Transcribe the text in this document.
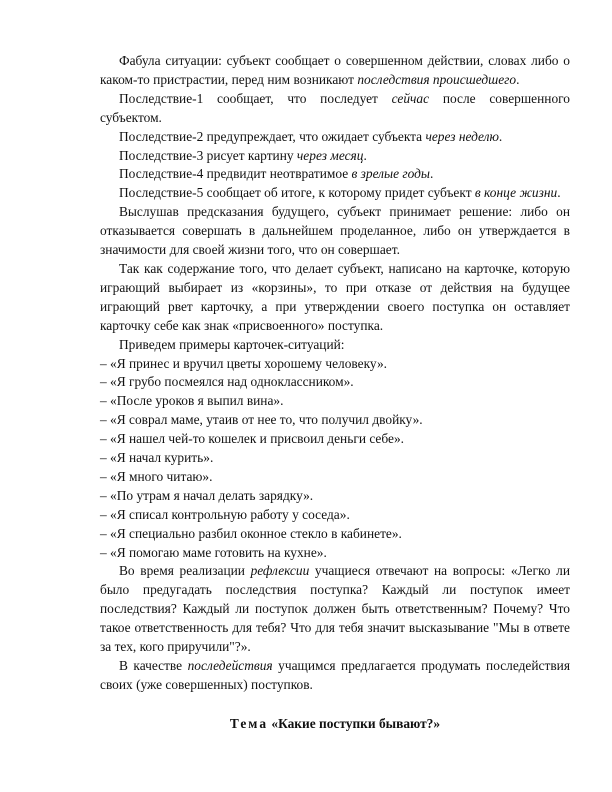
Фабула ситуации: субъект сообщает о совершенном действии, словах либо о каком-то пристрастии, перед ним возникают последствия происшедшего.

Последствие-1 сообщает, что последует сейчас после совершенного субъектом.

Последствие-2 предупреждает, что ожидает субъекта через неделю.

Последствие-3 рисует картину через месяц.

Последствие-4 предвидит неотвратимое в зрелые годы.

Последствие-5 сообщает об итоге, к которому придет субъект в конце жизни.

Выслушав предсказания будущего, субъект принимает решение: либо он отказывается совершать в дальнейшем проделанное, либо он утверждается в значимости для своей жизни того, что он совершает.

Так как содержание того, что делает субъект, написано на карточке, которую играющий выбирает из «корзины», то при отказе от действия на будущее играющий рвет карточку, а при утверждении своего поступка он оставляет карточку себе как знак «присвоенного» поступка.

Приведем примеры карточек-ситуаций:

– «Я принес и вручил цветы хорошему человеку».

– «Я грубо посмеялся над одноклассником».

– «После уроков я выпил вина».

– «Я соврал маме, утаив от нее то, что получил двойку».

– «Я нашел чей-то кошелек и присвоил деньги себе».

– «Я начал курить».

– «Я много читаю».

– «По утрам я начал делать зарядку».

– «Я списал контрольную работу у соседа».

– «Я специально разбил оконное стекло в кабинете».

– «Я помогаю маме готовить на кухне».

Во время реализации рефлексии учащиеся отвечают на вопросы: «Легко ли было предугадать последствия поступка? Каждый ли поступок имеет последствия? Каждый ли поступок должен быть ответственным? Почему? Что такое ответственность для тебя? Что для тебя значит высказывание "Мы в ответе за тех, кого приручили"?».

В качестве последействия учащимся предлагается продумать последействия своих (уже совершенных) поступков.

Тема «Какие поступки бывают?»
